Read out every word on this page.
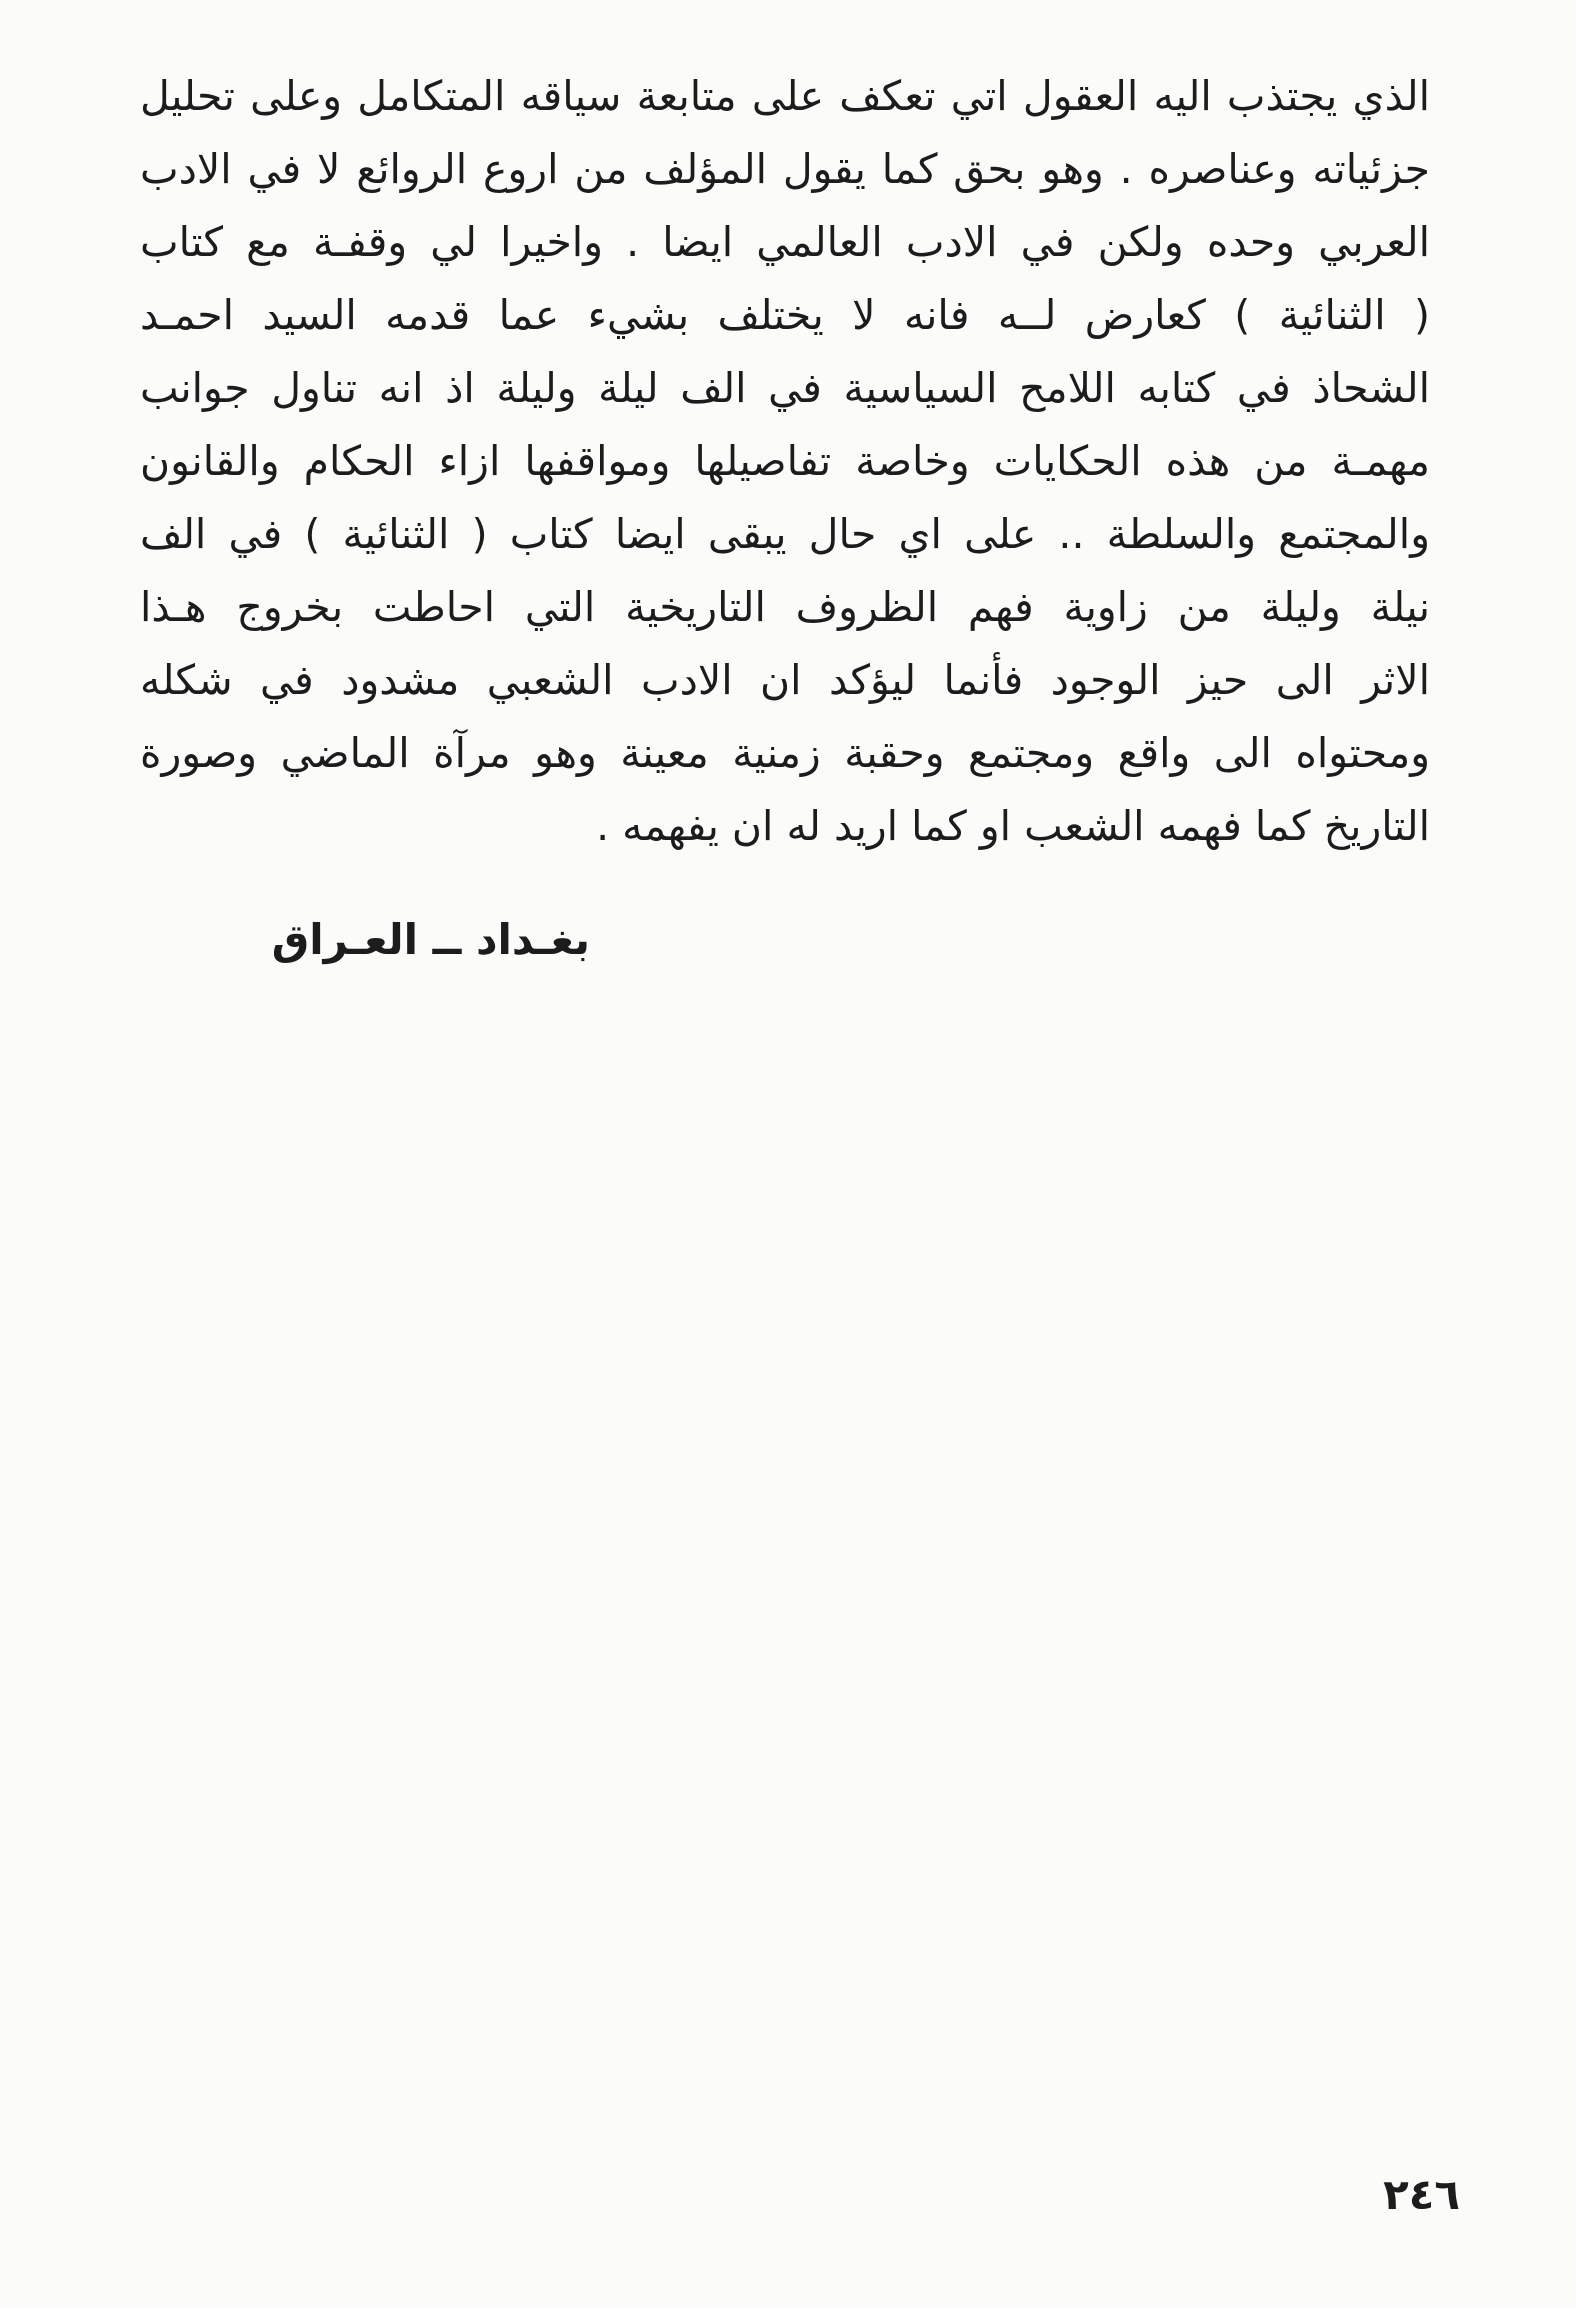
الذي يجتذب اليه العقول اتي تعكف على متابعة سياقه المتكامل وعلى تحليل
جزئياته وعناصره . وهو بحق كما يقول المؤلف من اروع الروائع لا في الادب
العربي وحده ولكن في الادب العالمي ايضا . واخيرا لي وقفـة مع كتاب
( الثنائية ) كعارض لــه فانه لا يختلف بشيء عما قدمه السيد احمـد
الشحاذ في كتابه اللامح السياسية في الف ليلة وليلة اذ انه تناول جوانب
مهمـة من هذه الحكايات وخاصة تفاصيلها ومواقفها ازاء الحكام والقانون
والمجتمع والسلطة .. على اي حال يبقى ايضا كتاب ( الثنائية ) في الف
نيلة وليلة من زاوية فهم الظروف التاريخية التي احاطت بخروج هـذا
الاثر الى حيز الوجود فأنما ليؤكد ان الادب الشعبي مشدود في شكله
ومحتواه الى واقع ومجتمع وحقبة زمنية معينة وهو مرآة الماضي وصورة
التاريخ كما فهمه الشعب او كما اريد له ان يفهمه .
بغـداد ــ العـراق
٢٤٦
